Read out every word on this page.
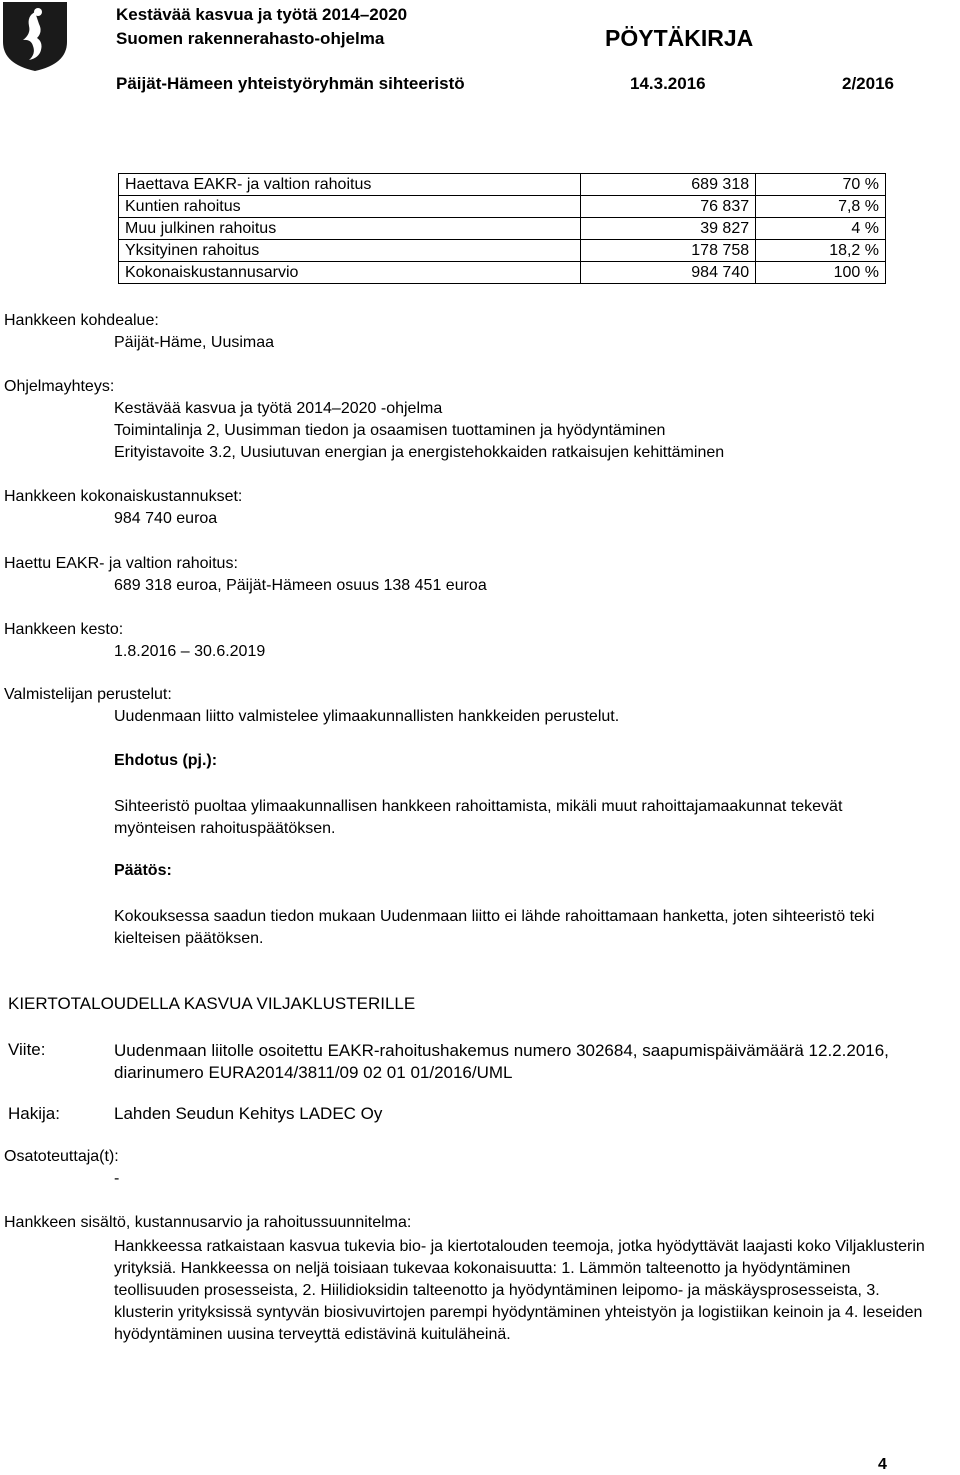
Kestävää kasvua ja työtä 2014–2020
Suomen rakennerahasto-ohjelma	PÖYTÄKIRJA
Päijät-Hämeen yhteistyöryhmän sihteeristö	14.3.2016	2/2016
Haettava EAKR- ja valtion rahoitus	689 318	70 %
Kuntien rahoitus	76 837	7,8 %
Muu julkinen rahoitus	39 827	4 %
Yksityinen rahoitus	178 758	18,2 %
Kokonaiskustannusarvio	984 740	100 %
Hankkeen kohdealue:
Päijät-Häme, Uusimaa
Ohjelmayhteys:
Kestävää kasvua ja työtä 2014–2020 -ohjelma
Toimintalinja 2, Uusimman tiedon ja osaamisen tuottaminen ja hyödyntäminen
Erityistavoite 3.2, Uusiutuvan energian ja energistehokkaiden ratkaisujen kehittäminen
Hankkeen kokonaiskustannukset:
984 740 euroa
Haettu EAKR- ja valtion rahoitus:
689 318 euroa, Päijät-Hämeen osuus 138 451 euroa
Hankkeen kesto:
1.8.2016 – 30.6.2019
Valmistelijan perustelut:
Uudenmaan liitto valmistelee ylimaakunnallisten hankkeiden perustelut.
Ehdotus (pj.):
Sihteeristö puoltaa ylimaakunnallisen hankkeen rahoittamista, mikäli muut rahoittajamaakunnat tekevät myönteisen rahoituspäätöksen.
Päätös:
Kokouksessa saadun tiedon mukaan Uudenmaan liitto ei lähde rahoittamaan hanketta, joten sihteeristö teki kielteisen päätöksen.
KIERTOTALOUDELLA KASVUA VILJAKLUSTERILLE
Viite:	Uudenmaan liitolle osoitettu EAKR-rahoitushakemus numero 302684, saapumispäivämäärä 12.2.2016, diarinumero EURA2014/3811/09 02 01 01/2016/UML
Hakija:	Lahden Seudun Kehitys LADEC Oy
Osatoteuttaja(t):
-
Hankkeen sisältö, kustannusarvio ja rahoitussuunnitelma:
Hankkeessa ratkaistaan kasvua tukevia bio- ja kiertotalouden teemoja, jotka hyödyttävät laajasti koko Viljaklusterin yrityksiä. Hankkeessa on neljä toisiaan tukevaa kokonaisuutta: 1. Lämmön talteenotto ja hyödyntäminen teollisuuden prosesseista, 2. Hiilidioksidin talteenotto ja hyödyntäminen leipomo- ja mäskäysprosesseista, 3. klusterin yrityksissä syntyvän biosivuvirtojen parempi hyödyntäminen yhteistyön ja logistiikan keinoin ja 4. leseiden hyödyntäminen uusina terveyttä edistävinä kuituläheinä.
4
